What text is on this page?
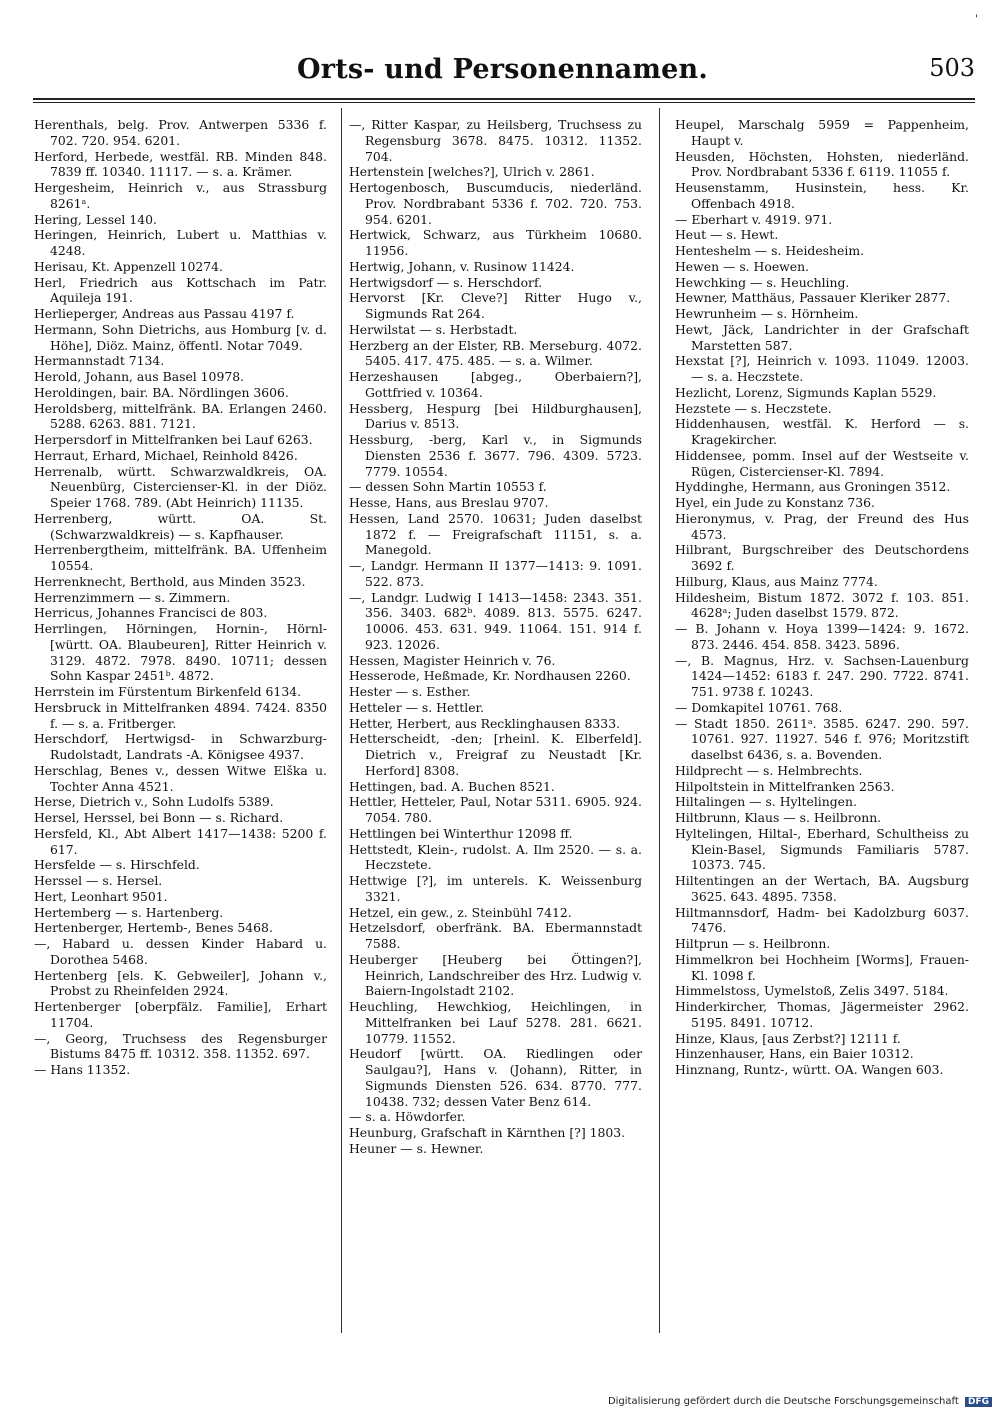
'
Orts- und Personennamen.	503

Herenthals, belg. Prov. Antwerpen 5336 f. 702. 720. 954. 6201.

Herford, Herbede, westfäl. RB. Minden 848. 7839 ff. 10340. 11117. — s. a. Krämer.

Hergesheim, Heinrich v., aus Strassburg 8261ᵃ.

Hering, Lessel 140.

Heringen, Heinrich, Lubert u. Matthias v. 4248.

Herisau, Kt. Appenzell 10274.

Herl, Friedrich aus Kottschach im Patr. Aquileja 191.

Herlieperger, Andreas aus Passau 4197 f.

Hermann, Sohn Dietrichs, aus Homburg [v. d. Höhe], Diöz. Mainz, öffentl. Notar 7049.

Hermannstadt 7134.

Herold, Johann, aus Basel 10978.

Heroldingen, bair. BA. Nördlingen 3606.

Heroldsberg, mittelfränk. BA. Erlangen 2460. 5288. 6263. 881. 7121.

Herpersdorf in Mittelfranken bei Lauf 6263.

Herraut, Erhard, Michael, Reinhold 8426.

Herrenalb, württ. Schwarzwaldkreis, OA. Neuenbürg, Cistercienser-Kl. in der Diöz. Speier 1768. 789. (Abt Heinrich) 11135.

Herrenberg, württ. OA. St. (Schwarzwaldkreis) — s. Kapfhauser.

Herrenbergtheim, mittelfränk. BA. Uffenheim 10554.

Herrenknecht, Berthold, aus Minden 3523.

Herrenzimmern — s. Zimmern.

Herricus, Johannes Francisci de 803.

Herrlingen, Hörningen, Hornin-, Hörnl- [württ. OA. Blaubeuren], Ritter Heinrich v. 3129. 4872. 7978. 8490. 10711; dessen Sohn Kaspar 2451ᵇ. 4872.

Herrstein im Fürstentum Birkenfeld 6134.

Hersbruck in Mittelfranken 4894. 7424. 8350 f. — s. a. Fritberger.

Herschdorf, Hertwigsd- in Schwarzburg-Rudolstadt, Landrats -A. Königsee 4937.

Herschlag, Benes v., dessen Witwe Elška u. Tochter Anna 4521.

Herse, Dietrich v., Sohn Ludolfs 5389.

Hersel, Herssel, bei Bonn — s. Richard.

Hersfeld, Kl., Abt Albert 1417—1438: 5200 f. 617.

Hersfelde — s. Hirschfeld.

Herssel — s. Hersel.

Hert, Leonhart 9501.

Hertemberg — s. Hartenberg.

Hertenberger, Hertemb-, Benes 5468.

—, Habard u. dessen Kinder Habard u. Dorothea 5468.

Hertenberg [els. K. Gebweiler], Johann v., Probst zu Rheinfelden 2924.

Hertenberger [oberpfälz. Familie], Erhart 11704.

—, Georg, Truchsess des Regensburger Bistums 8475 ff. 10312. 358. 11352. 697.

— Hans 11352.

—, Ritter Kaspar, zu Heilsberg, Truchsess zu Regensburg 3678. 8475. 10312. 11352. 704.

Hertenstein [welches?], Ulrich v. 2861.

Hertogenbosch, Buscumducis, niederländ. Prov. Nordbrabant 5336 f. 702. 720. 753. 954. 6201.

Hertwick, Schwarz, aus Türkheim 10680. 11956.

Hertwig, Johann, v. Rusinow 11424.

Hertwigsdorf — s. Herschdorf.

Hervorst [Kr. Cleve?] Ritter Hugo v., Sigmunds Rat 264.

Herwilstat — s. Herbstadt.

Herzberg an der Elster, RB. Merseburg. 4072. 5405. 417. 475. 485. — s. a. Wilmer.

Herzeshausen [abgeg., Oberbaiern?], Gottfried v. 10364.

Hessberg, Hespurg [bei Hildburghausen], Darius v. 8513.

Hessburg, -berg, Karl v., in Sigmunds Diensten 2536 f. 3677. 796. 4309. 5723. 7779. 10554.

— dessen Sohn Martin 10553 f.

Hesse, Hans, aus Breslau 9707.

Hessen, Land 2570. 10631; Juden daselbst 1872 f. — Freigrafschaft 11151, s. a. Manegold.

—, Landgr. Hermann II 1377—1413: 9. 1091. 522. 873.

—, Landgr. Ludwig I 1413—1458: 2343. 351. 356. 3403. 682ᵇ. 4089. 813. 5575. 6247. 10006. 453. 631. 949. 11064. 151. 914 f. 923. 12026.

Hessen, Magister Heinrich v. 76.

Hesserode, Heßmade, Kr. Nordhausen 2260.

Hester — s. Esther.

Hetteler — s. Hettler.

Hetter, Herbert, aus Recklinghausen 8333.

Hetterscheidt, -den; [rheinl. K. Elberfeld]. Dietrich v., Freigraf zu Neustadt [Kr. Herford] 8308.

Hettingen, bad. A. Buchen 8521.

Hettler, Hetteler, Paul, Notar 5311. 6905. 924. 7054. 780.

Hettlingen bei Winterthur 12098 ff.

Hettstedt, Klein-, rudolst. A. Ilm 2520. — s. a. Heczstete.

Hettwige [?], im unterels. K. Weissenburg 3321.

Hetzel, ein gew., z. Steinbühl 7412.

Hetzelsdorf, oberfränk. BA. Ebermannstadt 7588.

Heuberger [Heuberg bei Öttingen?], Heinrich, Landschreiber des Hrz. Ludwig v. Baiern-Ingolstadt 2102.

Heuchling, Hewchkiog, Heichlingen, in Mittelfranken bei Lauf 5278. 281. 6621. 10779. 11552.

Heudorf [württ. OA. Riedlingen oder Saulgau?], Hans v. (Johann), Ritter, in Sigmunds Diensten 526. 634. 8770. 777. 10438. 732; dessen Vater Benz 614.

— s. a. Höwdorfer.

Heunburg, Grafschaft in Kärnthen [?] 1803.

Heuner — s. Hewner.

Heupel, Marschalg 5959 = Pappenheim, Haupt v.

Heusden, Höchsten, Hohsten, niederländ. Prov. Nordbrabant 5336 f. 6119. 11055 f.

Heusenstamm, Husinstein, hess. Kr. Offenbach 4918.

— Eberhart v. 4919. 971.

Heut — s. Hewt.

Henteshelm — s. Heidesheim.

Hewen — s. Hoewen.

Hewchking — s. Heuchling.

Hewner, Matthäus, Passauer Kleriker 2877.

Hewrunheim — s. Hörnheim.

Hewt, Jäck, Landrichter in der Grafschaft Marstetten 587.

Hexstat [?], Heinrich v. 1093. 11049. 12003. — s. a. Heczstete.

Hezlicht, Lorenz, Sigmunds Kaplan 5529.

Hezstete — s. Heczstete.

Hiddenhausen, westfäl. K. Herford — s. Kragekircher.

Hiddensee, pomm. Insel auf der Westseite v. Rügen, Cistercienser-Kl. 7894.

Hyddinghe, Hermann, aus Groningen 3512.

Hyel, ein Jude zu Konstanz 736.

Hieronymus, v. Prag, der Freund des Hus 4573.

Hilbrant, Burgschreiber des Deutschordens 3692 f.

Hilburg, Klaus, aus Mainz 7774.

Hildesheim, Bistum 1872. 3072 f. 103. 851. 4628ᵃ; Juden daselbst 1579. 872.

— B. Johann v. Hoya 1399—1424: 9. 1672. 873. 2446. 454. 858. 3423. 5896.

—, B. Magnus, Hrz. v. Sachsen-Lauenburg 1424—1452: 6183 f. 247. 290. 7722. 8741. 751. 9738 f. 10243.

— Domkapitel 10761. 768.

— Stadt 1850. 2611ᵃ. 3585. 6247. 290. 597. 10761. 927. 11927. 546 f. 976; Moritzstift daselbst 6436, s. a. Bovenden.

Hildprecht — s. Helmbrechts.

Hilpoltstein in Mittelfranken 2563.

Hiltalingen — s. Hyltelingen.

Hiltbrunn, Klaus — s. Heilbronn.

Hyltelingen, Hiltal-, Eberhard, Schultheiss zu Klein-Basel, Sigmunds Familiaris 5787. 10373. 745.

Hiltentingen an der Wertach, BA. Augsburg 3625. 643. 4895. 7358.

Hiltmannsdorf, Hadm- bei Kadolzburg 6037. 7476.

Hiltprun — s. Heilbronn.

Himmelkron bei Hochheim [Worms], Frauen-Kl. 1098 f.

Himmelstoss, Uymelstoß, Zelis 3497. 5184.

Hinderkircher, Thomas, Jägermeister 2962. 5195. 8491. 10712.

Hinze, Klaus, [aus Zerbst?] 12111 f.

Hinzenhauser, Hans, ein Baier 10312.

Hinznang, Runtz-, württ. OA. Wangen 603.

Digitalisierung gefördert durch die Deutsche Forschungsgemeinschaft DFG
